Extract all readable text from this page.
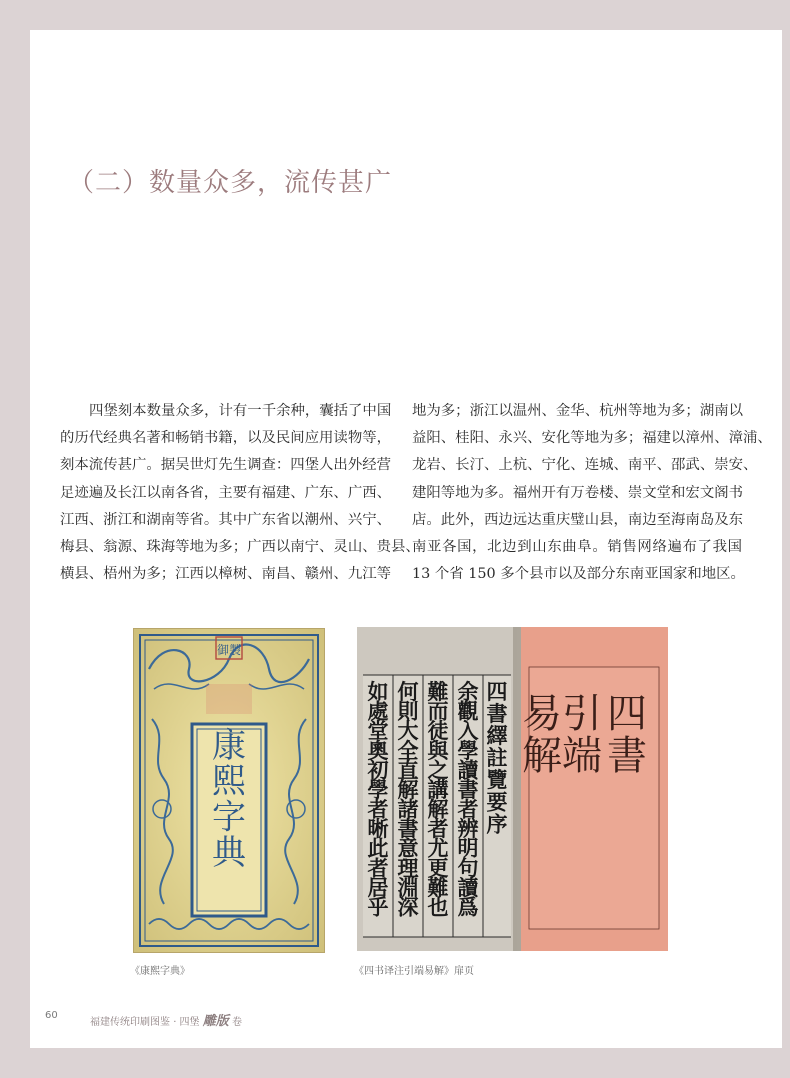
（二）数量众多，流传甚广
四堡刻本数量众多，计有一千余种，囊括了中国
的历代经典名著和畅销书籍，以及民间应用读物等，
刻本流传甚广。据吴世灯先生调查：四堡人出外经营
足迹遍及长江以南各省，主要有福建、广东、广西、
江西、浙江和湖南等省。其中广东省以潮州、兴宁、
梅县、翁源、珠海等地为多；广西以南宁、灵山、贵县、
横县、梧州为多；江西以樟树、南昌、赣州、九江等
地为多；浙江以温州、金华、杭州等地为多；湖南以
益阳、桂阳、永兴、安化等地为多；福建以漳州、漳浦、
龙岩、长汀、上杭、宁化、连城、南平、邵武、崇安、
建阳等地为多。福州开有万卷楼、崇文堂和宏文阁书
店。此外，西边远达重庆璧山县，南边至海南岛及东
南亚各国，北边到山东曲阜。销售网络遍布了我国
13 个省 150 多个县市以及部分东南亚国家和地区。
御製
康熙字典
四書繹註覽要序
余觀入學讀書者辨明句讀爲
難而徒與之講解者尤更難也
何則大全直解諸書意理淵深
如處堂奧初學者晰此者居乎
四書
引端
易解
《康熙字典》	《四书译注引端易解》扉页
60
福建传统印刷图鉴 · 四堡 雕版 卷
